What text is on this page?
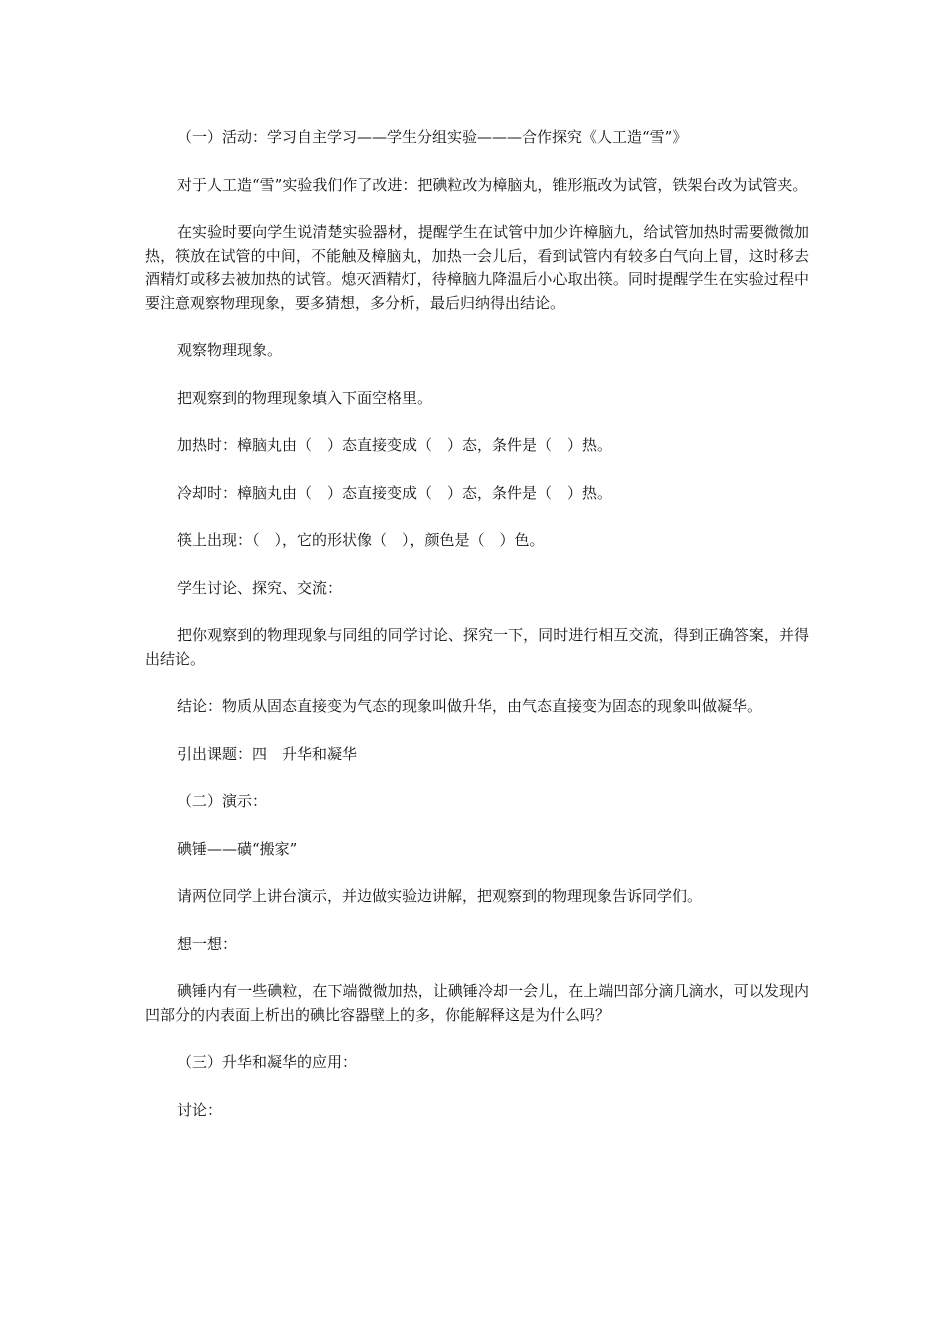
（一）活动：学习自主学习——学生分组实验———合作探究《人工造“雪”》

对于人工造“雪”实验我们作了改进：把碘粒改为樟脑丸，锥形瓶改为试管，铁架台改为试管夹。

在实验时要向学生说清楚实验器材，提醒学生在试管中加少许樟脑九，给试管加热时需要微微加热，筷放在试管的中间，不能触及樟脑丸，加热一会儿后，看到试管内有较多白气向上冒，这时移去酒精灯或移去被加热的试管。熄灭酒精灯，待樟脑九降温后小心取出筷。同时提醒学生在实验过程中要注意观察物理现象，要多猜想，多分析，最后归纳得出结论。

观察物理现象。

把观察到的物理现象填入下面空格里。

加热时：樟脑丸由（　）态直接变成（　）态，条件是（　）热。

冷却时：樟脑丸由（　）态直接变成（　）态，条件是（　）热。

筷上出现：（　），它的形状像（　），颜色是（　）色。

学生讨论、探究、交流：

把你观察到的物理现象与同组的同学讨论、探究一下，同时进行相互交流，得到正确答案，并得出结论。

结论：物质从固态直接变为气态的现象叫做升华，由气态直接变为固态的现象叫做凝华。

引出课题：四　升华和凝华

（二）演示：

碘锤——磺“搬家”

请两位同学上讲台演示，并边做实验边讲解，把观察到的物理现象告诉同学们。

想一想：

碘锤内有一些碘粒，在下端微微加热，让碘锤冷却一会儿，在上端凹部分滴几滴水，可以发现内凹部分的内表面上析出的碘比容器壁上的多，你能解释这是为什么吗？

（三）升华和凝华的应用：

讨论：
